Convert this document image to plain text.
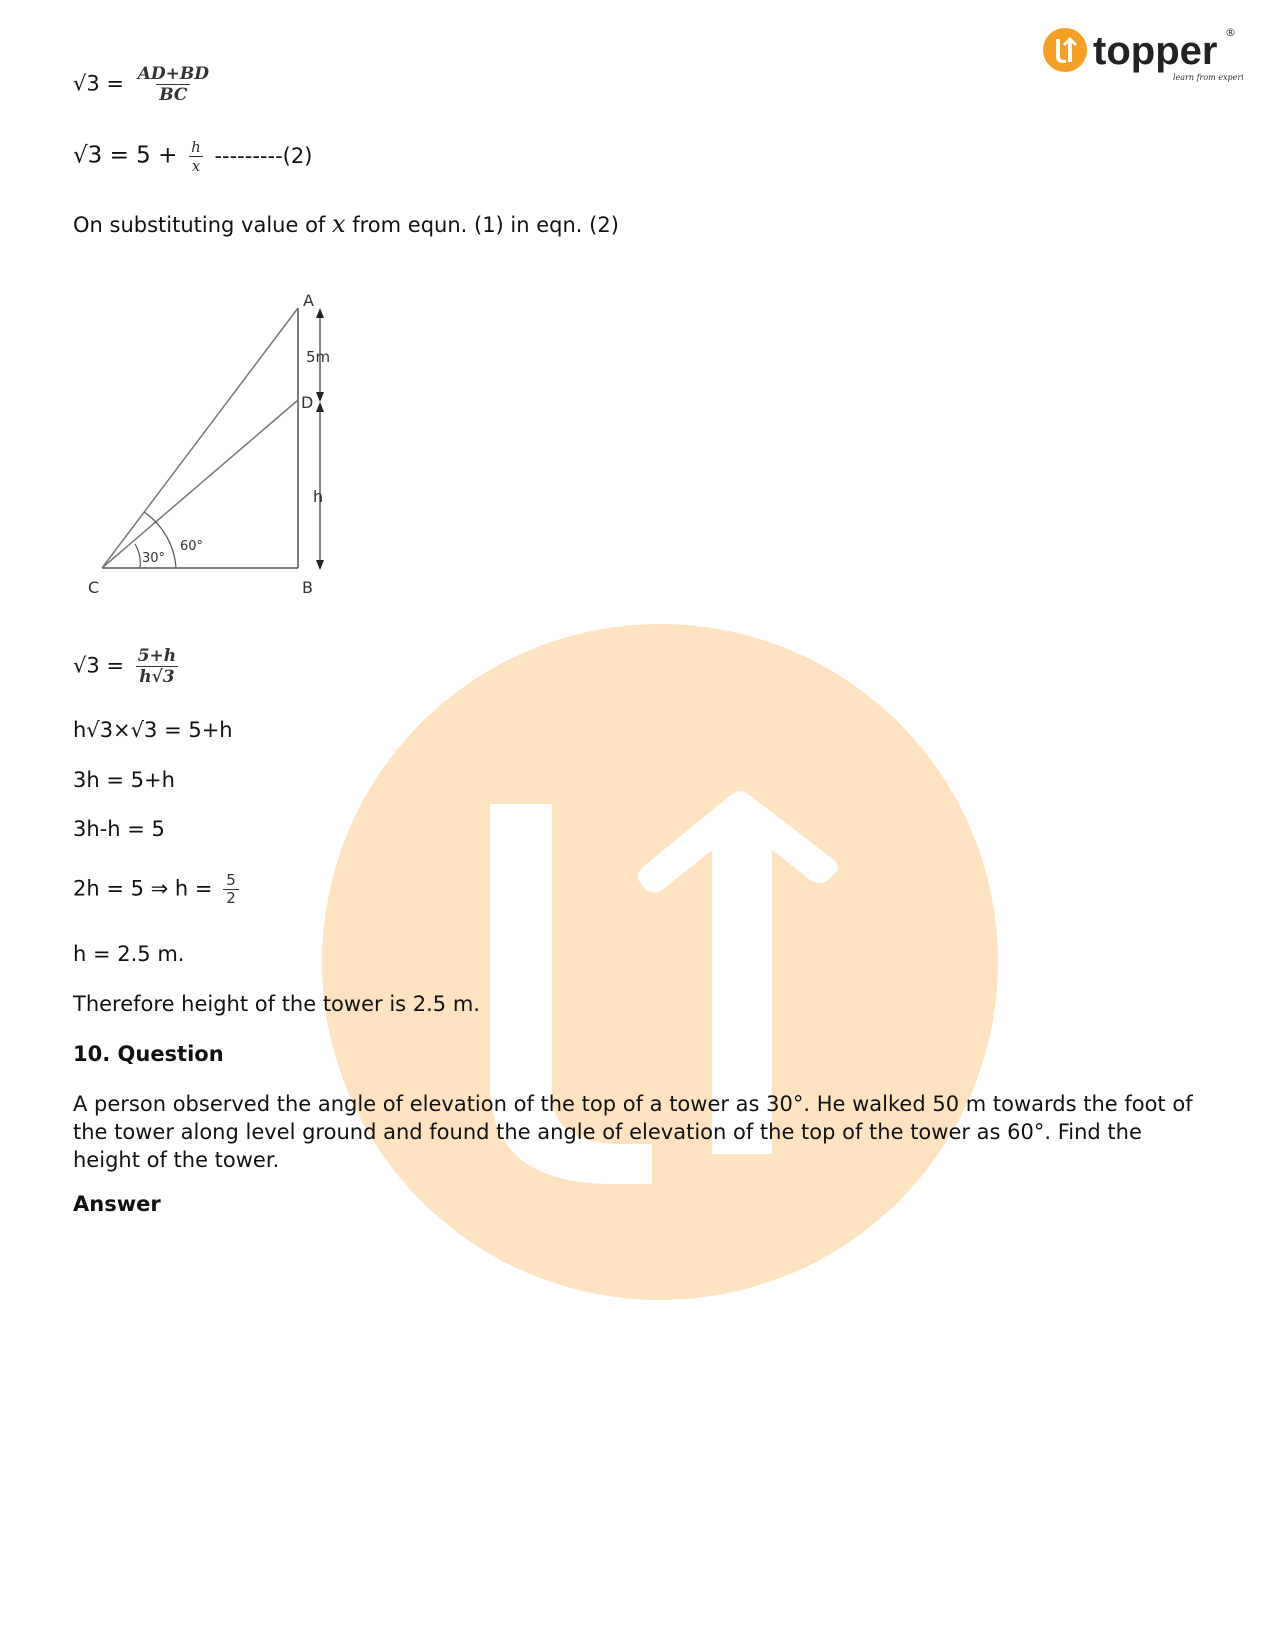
topper
learn from experts
®
$√3 = \frac{AD+BD}{BC}$
$√3 = 5 + \frac{h}{x} ---------(2)$
On substituting value of x from equn. (1) in eqn. (2)
A
5m
D
h
30°
60°
C	B
$√3 = \frac{5+h}{h√3}$
h√3×√3 = 5+h
3h = 5+h
3h-h = 5
2h = 5 ⇒ $h = \frac{5}{2}$
h = 2.5 m.
Therefore height of the tower is 2.5 m.
10. Question
A person observed the angle of elevation of the top of a tower as 30°. He walked 50 m towards the foot of the tower along level ground and found the angle of elevation of the top of the tower as 60°. Find the height of the tower.
Answer
